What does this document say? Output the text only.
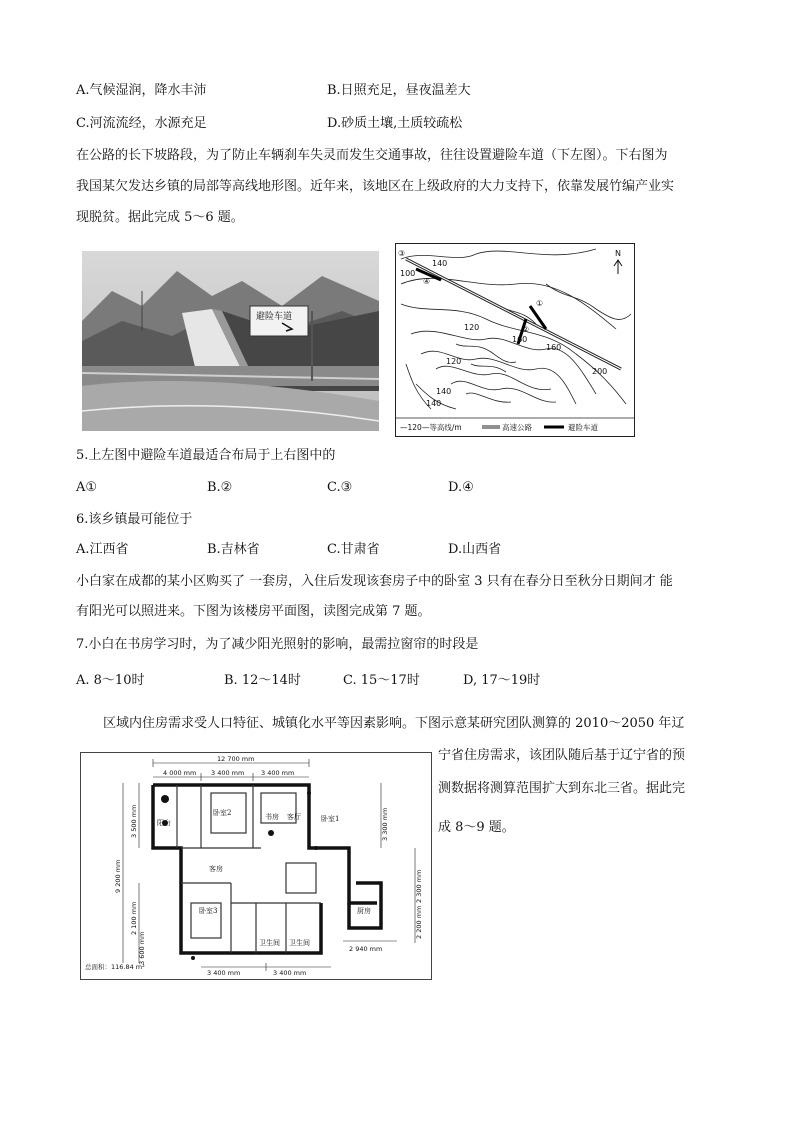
A.气候湿润，降水丰沛	B.日照充足，昼夜温差大
C.河流流经，水源充足	D.砂质土壤,土质较疏松
在公路的长下坡路段，为了防止车辆刹车失灵而发生交通事故，往往设置避险车道（下左图）。下右图为
我国某欠发达乡镇的局部等高线地形图。近年来，该地区在上级政府的大力支持下，依靠发展竹编产业实
现脱贫。据此完成 5～6 题。
避险车道
N
③
140
100
④
120
①
②
160
160
140
200
140
120
—120—等高线/m	高速公路	避险车道
5.上左图中避险车道最适合布局于上右图中的
A①	B.②	C.③	D.④
6.该乡镇最可能位于
A.江西省	B.吉林省	C.甘肃省	D.山西省
小白家在成都的某小区购买了 一套房，入住后发现该套房子中的卧室 3 只有在春分日至秋分日期间才 能
有阳光可以照进来。下图为该楼房平面图，读图完成第 7 题。
7.小白在书房学习时，为了减少阳光照射的影响，最需拉窗帘的时段是
A. 8～10时	B. 12～14时	C. 15～17时	D, 17～19时
区域内住房需求受人口特征、城镇化水平等因素影响。下图示意某研究团队测算的 2010～2050 年辽
宁省住房需求，该团队随后基于辽宁省的预
测数据将测算范围扩大到东北三省。据此完
成 8～9 题。
12 700 mm
4 000 mm 3 400 mm	3 400 mm
3 500 mm
9 200 mm
2 100 mm
3 600 mm
3 300 mm
2 300 mm
2 200 mm
3 400 mm	3 400 mm
2 940 mm
总面积：116.84 m²
阳台
卧室2	书房 客厅	卧室1
客房
卧室3
卫生间 卫生间
厨房
